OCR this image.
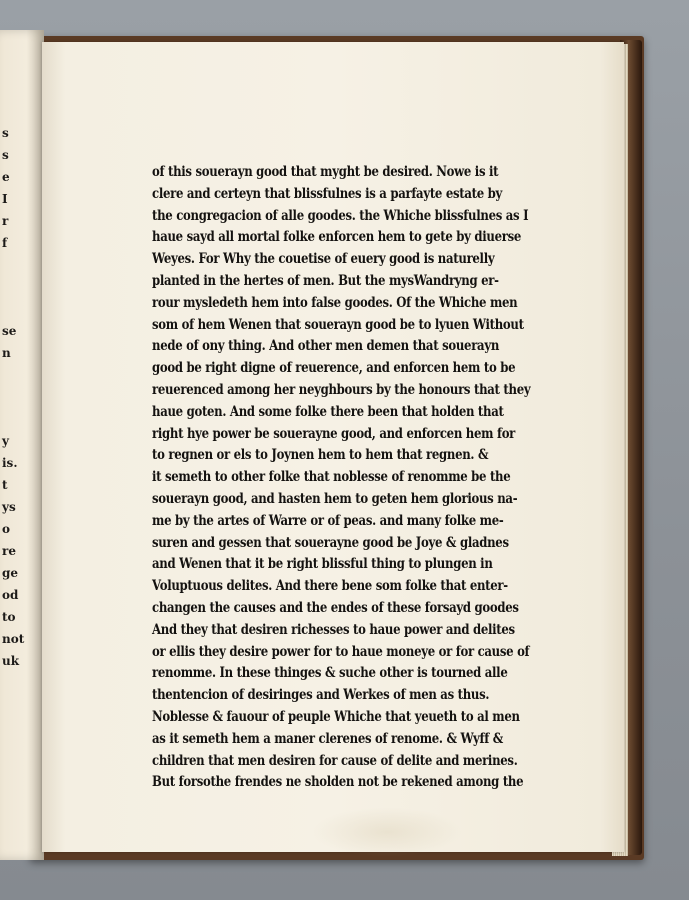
s
s
e
I
r
f
se
n
y
is.
t
ys
o
re
ge
od
to
not
uk
of this souerayn good that myght be desired. Nowe is it
clere and certeyn that blissfulnes is a parfayte estate by
the congregacion of alle goodes. the Whiche blissfulnes as I
haue sayd all mortal folke enforcen hem to gete by diuerse
Weyes. For Why the couetise of euery good is naturelly
planted in the hertes of men. But the mysWandryng er-
rour mysledeth hem into false goodes. Of the Whiche men
som of hem Wenen that souerayn good be to lyuen Without
nede of ony thing. And other men demen that souerayn
good be right digne of reuerence, and enforcen hem to be
reuerenced among her neyghbours by the honours that they
haue goten. And some folke there been that holden that
right hye power be souerayne good, and enforcen hem for
to regnen or els to Joynen hem to hem that regnen. &
it semeth to other folke that noblesse of renomme be the
souerayn good, and hasten hem to geten hem glorious na-
me by the artes of Warre or of peas. and many folke me-
suren and gessen that souerayne good be Joye & gladnes
and Wenen that it be right blissful thing to plungen in
Voluptuous delites. And there bene som folke that enter-
changen the causes and the endes of these forsayd goodes
And they that desiren richesses to haue power and delites
or ellis they desire power for to haue moneye or for cause of
renomme. In these thinges & suche other is tourned alle
thentencion of desiringes and Werkes of men as thus.
Noblesse & fauour of peuple Whiche that yeueth to al men
as it semeth hem a maner clerenes of renome. & Wyff &
children that men desiren for cause of delite and merines.
But forsothe frendes ne sholden not be rekened among the
